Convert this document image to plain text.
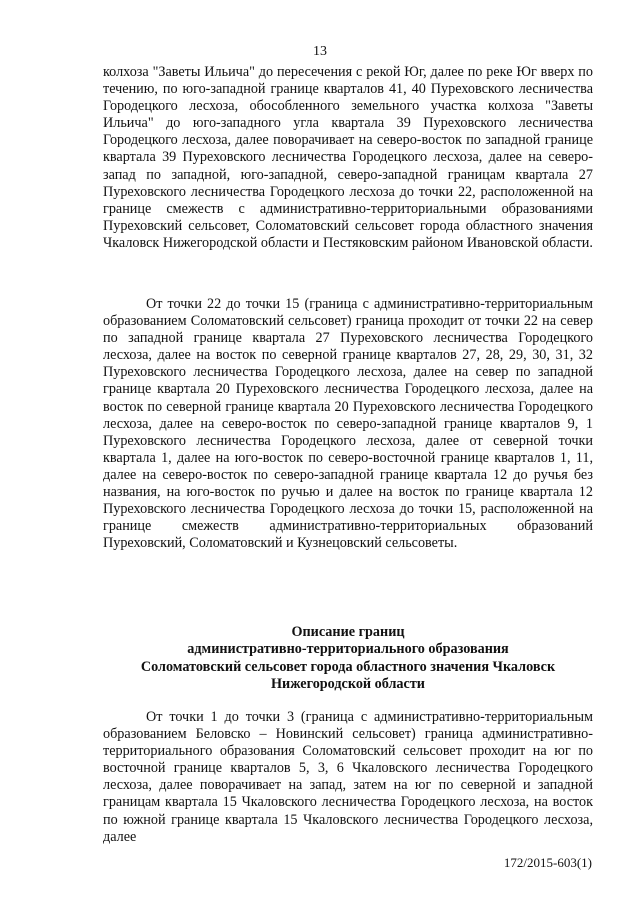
13

колхоза "Заветы Ильича" до пересечения с рекой Юг, далее по реке Юг вверх по течению, по юго-западной границе кварталов 41, 40 Пуреховского лесничества Городецкого лесхоза, обособленного земельного участка колхоза "Заветы Ильича" до юго-западного угла квартала 39 Пуреховского лесничества Городецкого лесхоза, далее поворачивает на северо-восток по западной границе квартала 39 Пуреховского лесничества Городецкого лесхоза, далее на северо-запад по западной, юго-западной, северо-западной границам квартала 27 Пуреховского лесничества Городецкого лесхоза до точки 22, расположенной на границе смежеств с административно-территориальными образованиями Пуреховский сельсовет, Соломатовский сельсовет города областного значения Чкаловск Нижегородской области и Пестяковским районом Ивановской области.

От точки 22 до точки 15 (граница с административно-территориальным образованием Соломатовский сельсовет) граница проходит от точки 22 на север по западной границе квартала 27 Пуреховского лесничества Городецкого лесхоза, далее на восток по северной границе кварталов 27, 28, 29, 30, 31, 32 Пуреховского лесничества Городецкого лесхоза, далее на север по западной границе квартала 20 Пуреховского лесничества Городецкого лесхоза, далее на восток по северной границе квартала 20 Пуреховского лесничества Городецкого лесхоза, далее на северо-восток по северо-западной границе кварталов 9, 1 Пуреховского лесничества Городецкого лесхоза, далее от северной точки квартала 1, далее на юго-восток по северо-восточной границе кварталов 1, 11, далее на северо-восток по северо-западной границе квартала 12 до ручья без названия, на юго-восток по ручью и далее на восток по границе квартала 12 Пуреховского лесничества Городецкого лесхоза до точки 15, расположенной на границе смежеств административно-территориальных образований Пуреховский, Соломатовский и Кузнецовский сельсоветы.

Описание границ
административно-территориального образования
Соломатовский сельсовет города областного значения Чкаловск
Нижегородской области

От точки 1 до точки 3 (граница с административно-территориальным образованием Беловско – Новинский сельсовет) граница административно-территориального образования Соломатовский сельсовет проходит на юг по восточной границе кварталов 5, 3, 6 Чкаловского лесничества Городецкого лесхоза, далее поворачивает на запад, затем на юг по северной и западной границам квартала 15 Чкаловского лесничества Городецкого лесхоза, на восток по южной границе квартала 15 Чкаловского лесничества Городецкого лесхоза, далее

172/2015-603(1)
